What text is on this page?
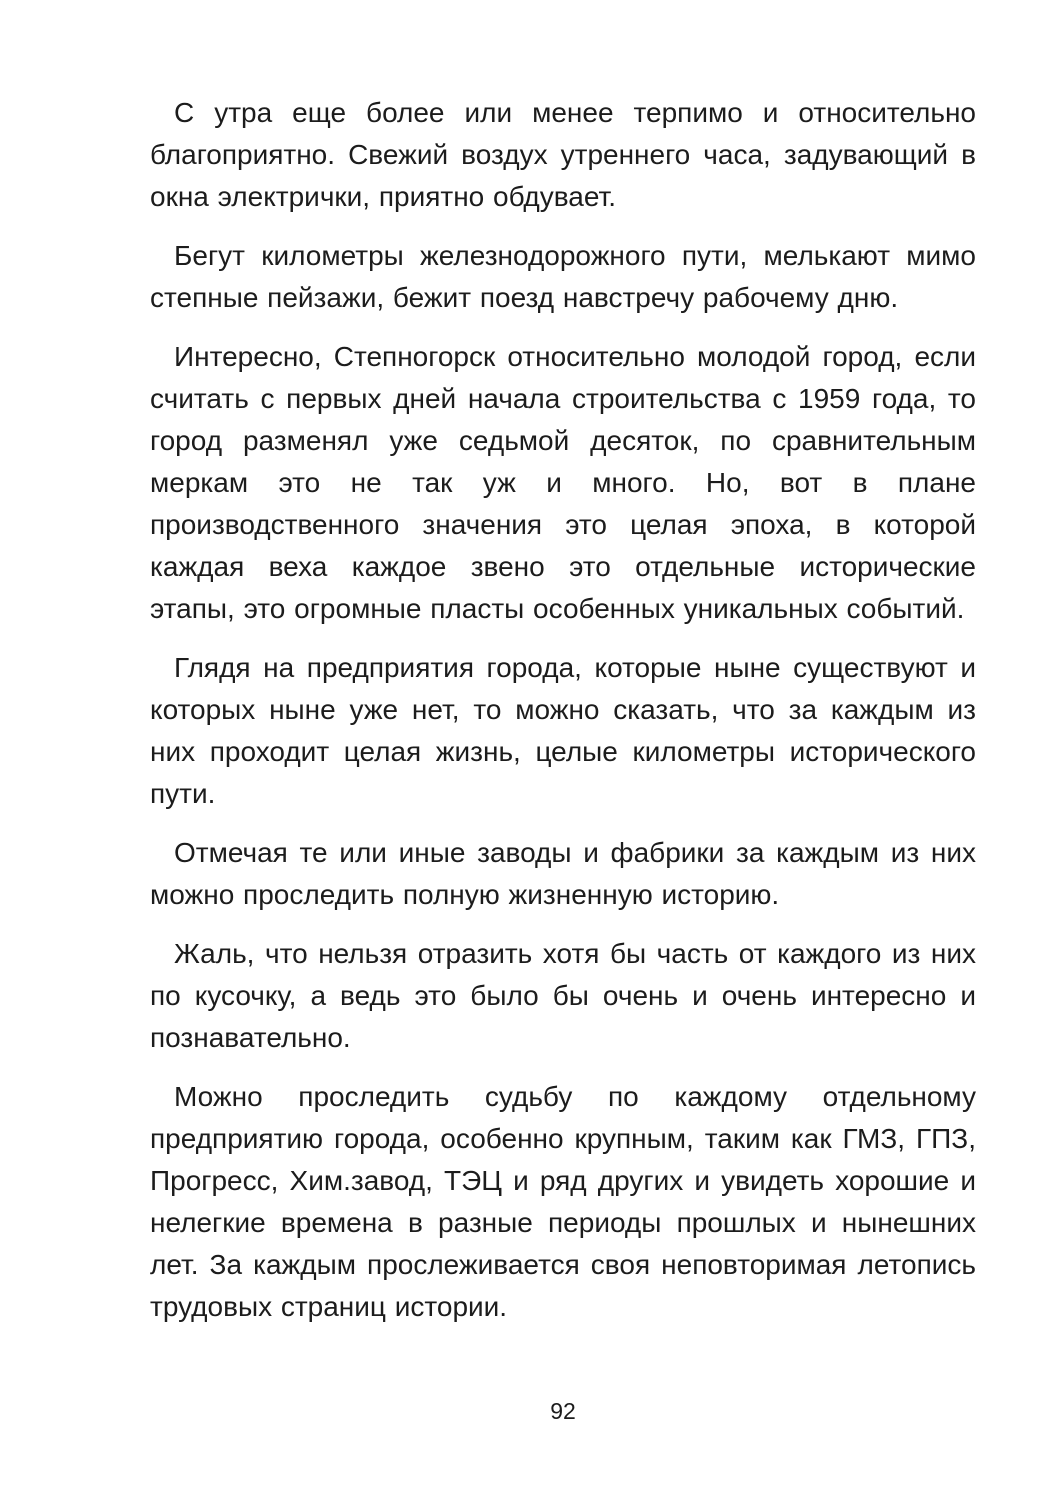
С утра еще более или менее терпимо и относительно благоприятно. Свежий воздух утреннего часа, задувающий в окна электрички, приятно обдувает.

Бегут километры железнодорожного пути, мелькают мимо степные пейзажи, бежит поезд навстречу рабочему дню.

Интересно, Степногорск относительно молодой город, если считать с первых дней начала строительства с 1959 года, то город разменял уже седьмой десяток, по сравнительным меркам это не так уж и много. Но, вот в плане производственного значения это целая эпоха, в которой каждая веха каждое звено это отдельные исторические этапы, это огромные пласты особенных уникальных событий.

Глядя на предприятия города, которые ныне существуют и которых ныне уже нет, то можно сказать, что за каждым из них проходит целая жизнь, целые километры исторического пути.

Отмечая те или иные заводы и фабрики за каждым из них можно проследить полную жизненную историю.

Жаль, что нельзя отразить хотя бы часть от каждого из них по кусочку, а ведь это было бы очень и очень интересно и познавательно.

Можно проследить судьбу по каждому отдельному предприятию города, особенно крупным, таким как ГМЗ, ГПЗ, Прогресс, Хим.завод, ТЭЦ и ряд других и увидеть хорошие и нелегкие времена в разные периоды прошлых и нынешних лет. За каждым прослеживается своя неповторимая летопись трудовых страниц истории.

92
